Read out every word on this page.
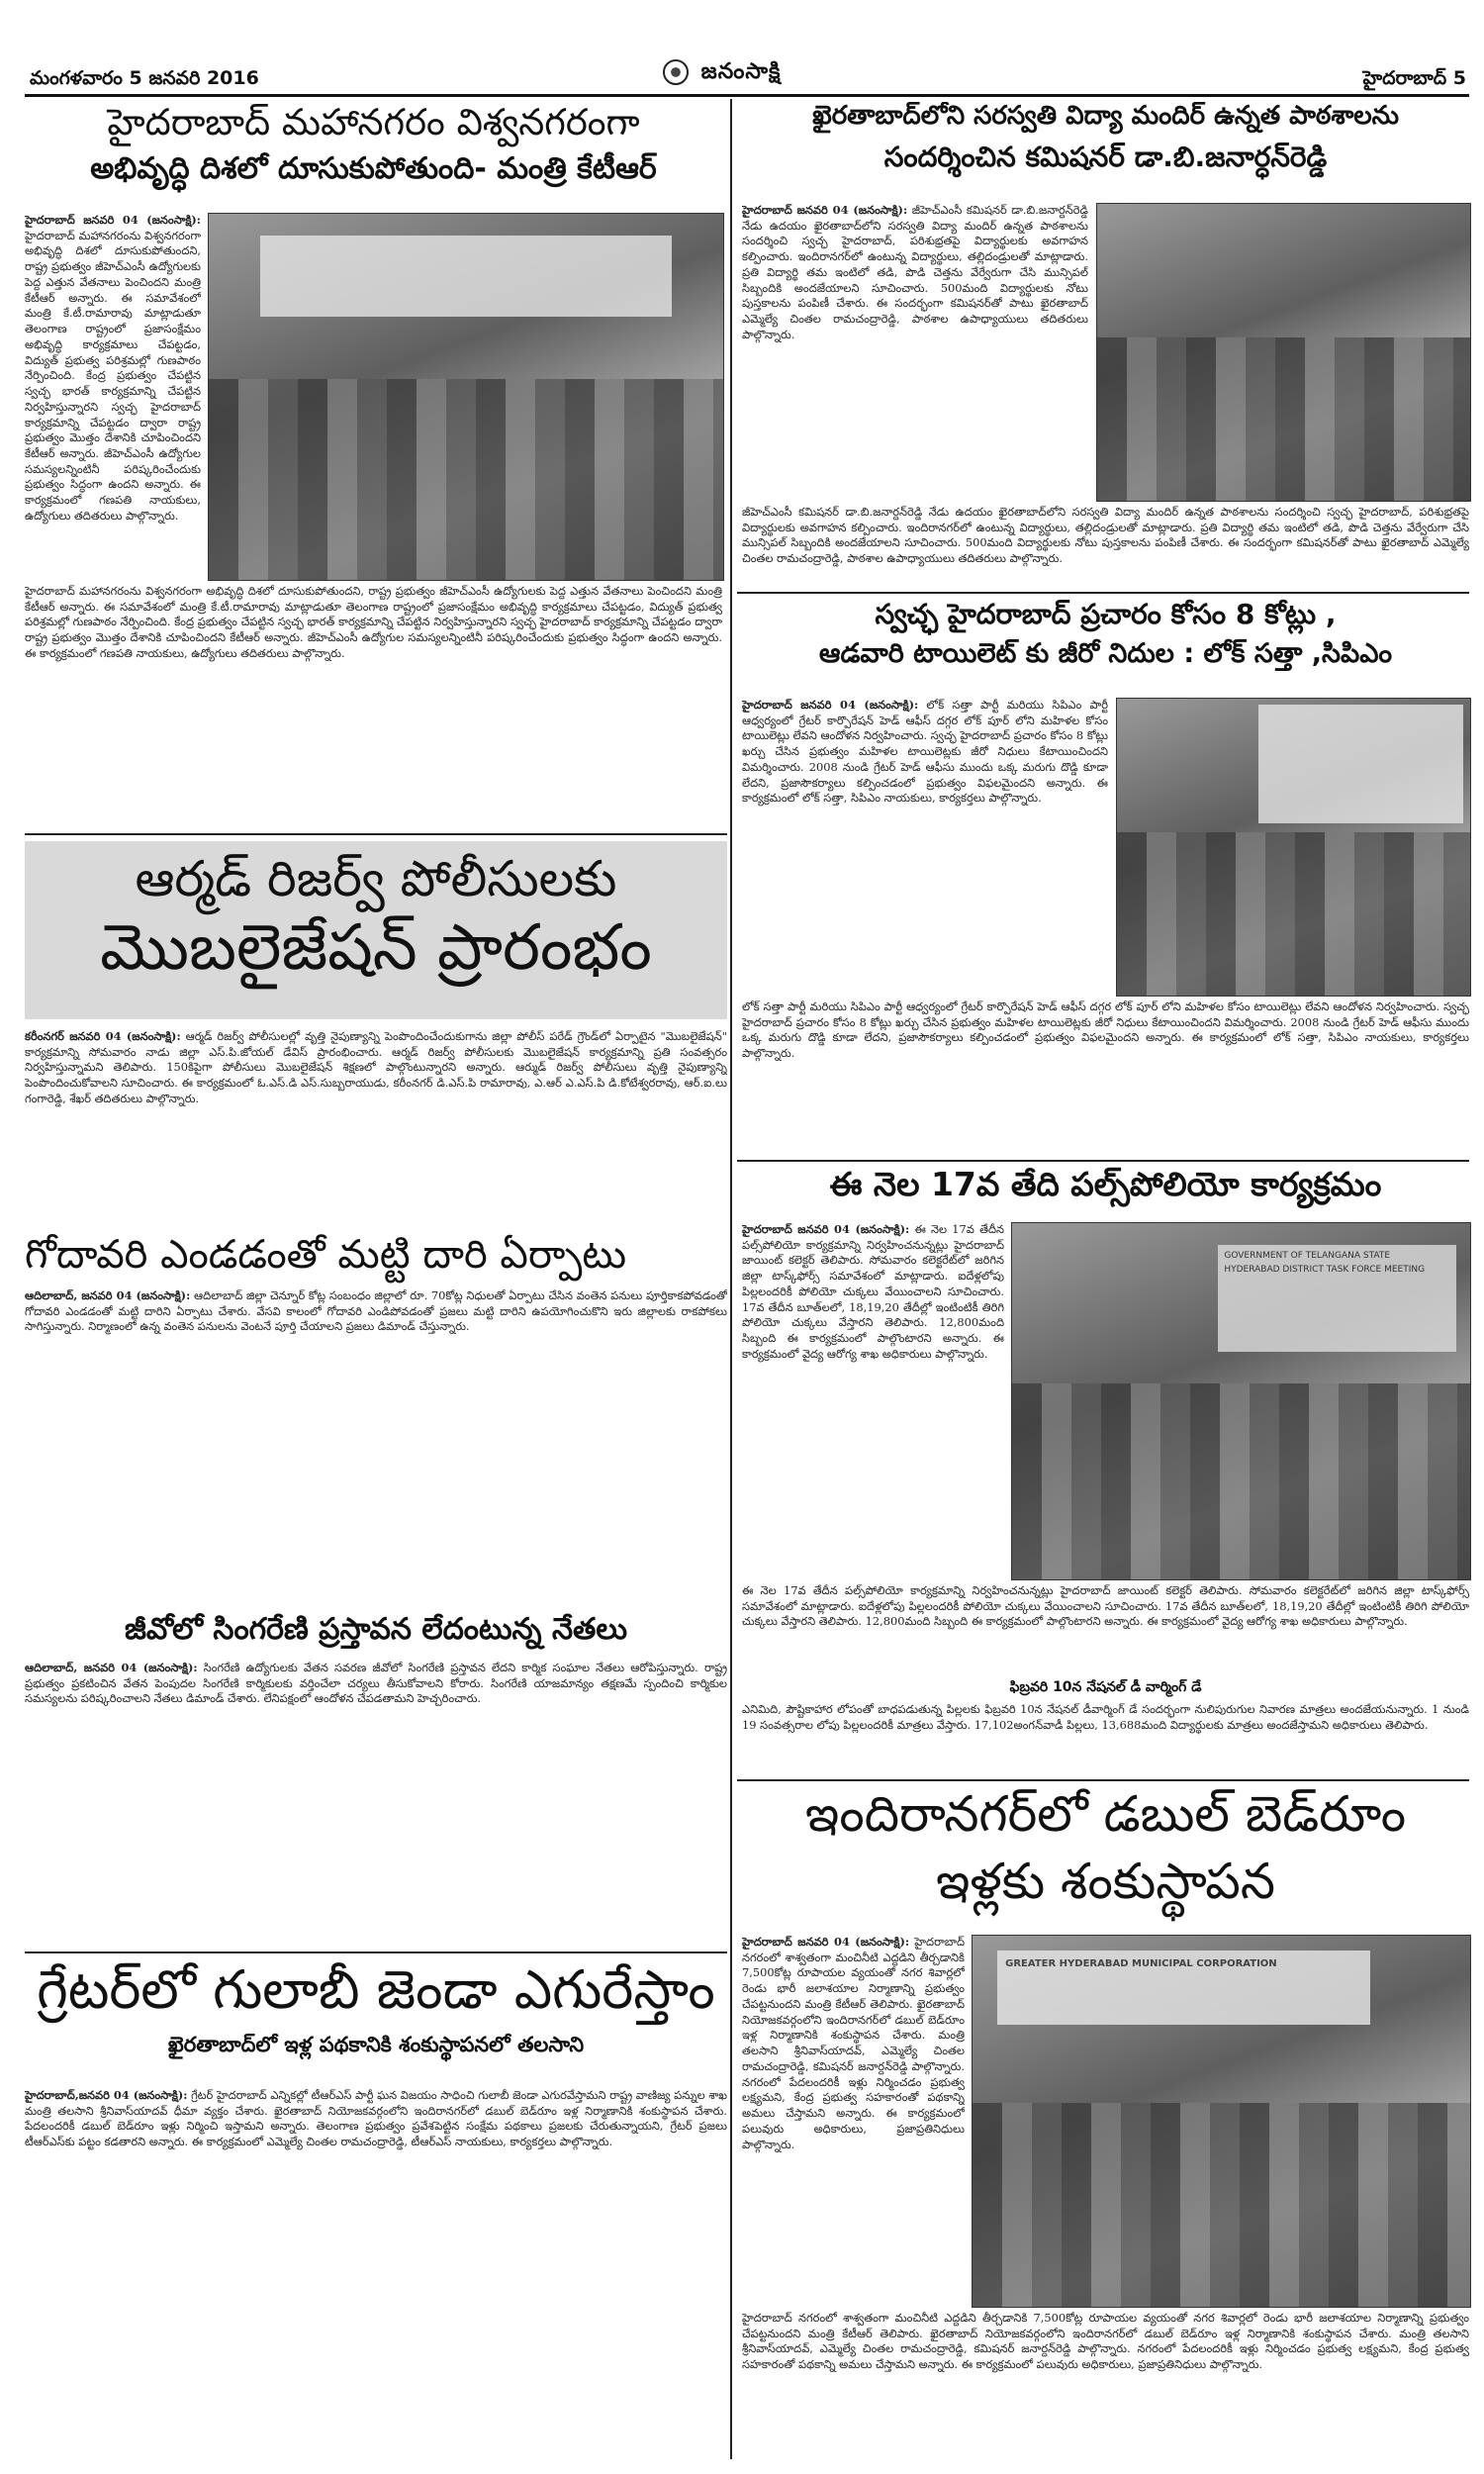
మంగళవారం 5 జనవరి 2016	జనంసాక్షి	హైదరాబాద్ 5
హైదరాబాద్ మహానగరం విశ్వనగరంగా
అభివృద్ధి దిశలో దూసుకుపోతుంది- మంత్రి కేటీఆర్
హైదరాబాద్ జనవరి 04 (జనంసాక్షి): హైదరాబాద్ మహానగరంను విశ్వనగరంగా అభివృద్ధి దిశలో దూసుకుపోతుందని, రాష్ట్ర ప్రభుత్వం జీహెచ్ఎంసీ ఉద్యోగులకు పెద్ద ఎత్తున వేతనాలు పెంచిందని మంత్రి కేటీఆర్ అన్నారు. ఈ సమావేశంలో మంత్రి కే.టీ.రామారావు మాట్లాడుతూ తెలంగాణ రాష్ట్రంలో ప్రజాసంక్షేమం అభివృద్ధి కార్యక్రమాలు చేపట్టడం, విద్యుత్ ప్రభుత్వ పరిశ్రమల్లో గుణపాఠం నేర్పించింది. కేంద్ర ప్రభుత్వం చేపట్టిన స్వచ్ఛ భారత్ కార్యక్రమాన్ని చేపట్టిన నిర్వహిస్తున్నారని స్వచ్ఛ హైదరాబాద్ కార్యక్రమాన్ని చేపట్టడం ద్వారా రాష్ట్ర ప్రభుత్వం మొత్తం దేశానికి చూపించిందని కేటీఆర్ అన్నారు. జీహెచ్ఎంసీ ఉద్యోగుల సమస్యలన్నింటినీ పరిష్కరించేందుకు ప్రభుత్వం సిద్ధంగా ఉందని అన్నారు. ఈ కార్యక్రమంలో గణపతి నాయకులు, ఉద్యోగులు తదితరులు పాల్గొన్నారు.
హైదరాబాద్ మహానగరంను విశ్వనగరంగా అభివృద్ధి దిశలో దూసుకుపోతుందని, రాష్ట్ర ప్రభుత్వం జీహెచ్ఎంసీ ఉద్యోగులకు పెద్ద ఎత్తున వేతనాలు పెంచిందని మంత్రి కేటీఆర్ అన్నారు. ఈ సమావేశంలో మంత్రి కే.టీ.రామారావు మాట్లాడుతూ తెలంగాణ రాష్ట్రంలో ప్రజాసంక్షేమం అభివృద్ధి కార్యక్రమాలు చేపట్టడం, విద్యుత్ ప్రభుత్వ పరిశ్రమల్లో గుణపాఠం నేర్పించింది. కేంద్ర ప్రభుత్వం చేపట్టిన స్వచ్ఛ భారత్ కార్యక్రమాన్ని చేపట్టిన నిర్వహిస్తున్నారని స్వచ్ఛ హైదరాబాద్ కార్యక్రమాన్ని చేపట్టడం ద్వారా రాష్ట్ర ప్రభుత్వం మొత్తం దేశానికి చూపించిందని కేటీఆర్ అన్నారు. జీహెచ్ఎంసీ ఉద్యోగుల సమస్యలన్నింటినీ పరిష్కరించేందుకు ప్రభుత్వం సిద్ధంగా ఉందని అన్నారు. ఈ కార్యక్రమంలో గణపతి నాయకులు, ఉద్యోగులు తదితరులు పాల్గొన్నారు.
ఆర్మడ్ రిజర్వ్ పోలీసులకు
మొబలైజేషన్ ప్రారంభం
కరీంనగర్ జనవరి 04 (జనంసాక్షి): ఆర్మడ్ రిజర్వ్ పోలీసులల్లో వృత్తి నైపుణ్యాన్ని పెంపొందించేందుకుగాను జిల్లా పోలీస్ పరేడ్ గ్రౌండ్‌లో ఏర్పాటైన "మొబలైజేషన్" కార్యక్రమాన్ని సోమవారం నాడు జిల్లా ఎస్.పి.జోయల్ డేవిస్ ప్రారంభించారు. ఆర్మడ్ రిజర్వ్ పోలీసులకు మొబలైజేషన్ కార్యక్రమాన్ని ప్రతి సంవత్సరం నిర్వహిస్తున్నామని తెలిపారు. 150కిపైగా పోలీసులు మొబలైజేషన్ శిక్షణలో పాల్గొంటున్నారని అన్నారు. ఆర్ముడ్ రిజర్వ్ పోలీసులు వృత్తి నైపుణ్యాన్ని పెంపొందించుకోవాలని సూచించారు. ఈ కార్యక్రమంలో ఓ.ఎస్.డి ఎస్.సుబ్బరాయుడు, కరీంనగర్ డి.ఎస్.పి రామారావు, ఎ.ఆర్ ఎ.ఎస్.పి డి.కోటేశ్వరరావు, ఆర్.ఐ.లు గంగారెడ్డి, శేఖర్ తదితరులు పాల్గొన్నారు.
గోదావరి ఎండడంతో మట్టి దారి ఏర్పాటు
ఆదిలాబాద్, జనవరి 04 (జనంసాక్షి): ఆదిలాబాద్ జిల్లా చెన్నూర్ కోట్ల సంబంధం జిల్లాలో రూ. 70కోట్ల నిధులతో ఏర్పాటు చేసిన వంతెన పనులు పూర్తికాకపోవడంతో గోదావరి ఎండడంతో మట్టి దారిని ఏర్పాటు చేశారు. వేసవి కాలంలో గోదావరి ఎండిపోవడంతో ప్రజలు మట్టి దారిని ఉపయోగించుకొని ఇరు జిల్లాలకు రాకపోకలు సాగిస్తున్నారు. నిర్మాణంలో ఉన్న వంతెన పనులను వెంటనే పూర్తి చేయాలని ప్రజలు డిమాండ్ చేస్తున్నారు.
జీవోలో సింగరేణి ప్రస్తావన లేదంటున్న నేతలు
ఆదిలాబాద్, జనవరి 04 (జనంసాక్షి): సింగరేణి ఉద్యోగులకు వేతన సవరణ జీవోలో సింగరేణి ప్రస్తావన లేదని కార్మిక సంఘాల నేతలు ఆరోపిస్తున్నారు. రాష్ట్ర ప్రభుత్వం ప్రకటించిన వేతన పెంపుదల సింగరేణి కార్మికులకు వర్తించేలా చర్యలు తీసుకోవాలని కోరారు. సింగరేణి యాజమాన్యం తక్షణమే స్పందించి కార్మికుల సమస్యలను పరిష్కరించాలని నేతలు డిమాండ్ చేశారు. లేనిపక్షంలో ఆందోళన చేపడతామని హెచ్చరించారు.
గ్రేటర్‌లో గులాబీ జెండా ఎగురేస్తాం
ఖైరతాబాద్‌లో ఇళ్ల పథకానికి శంకుస్థాపనలో తలసాని
హైదరాబాద్,జనవరి 04 (జనంసాక్షి): గ్రేటర్ హైదరాబాద్ ఎన్నికల్లో టీఆర్ఎస్ పార్టీ ఘన విజయం సాధించి గులాబీ జెండా ఎగురవేస్తామని రాష్ట్ర వాణిజ్య పన్నుల శాఖ మంత్రి తలసాని శ్రీనివాస్‌యాదవ్ ధీమా వ్యక్తం చేశారు. ఖైరతాబాద్ నియోజకవర్గంలోని ఇందిరానగర్‌లో డబుల్ బెడ్‌రూం ఇళ్ల నిర్మాణానికి శంకుస్థాపన చేశారు. పేదలందరికీ డబుల్ బెడ్‌రూం ఇళ్లు నిర్మించి ఇస్తామని అన్నారు. తెలంగాణ ప్రభుత్వం ప్రవేశపెట్టిన సంక్షేమ పథకాలు ప్రజలకు చేరుతున్నాయని, గ్రేటర్ ప్రజలు టీఆర్ఎస్‌కు పట్టం కడతారని అన్నారు. ఈ కార్యక్రమంలో ఎమ్మెల్యే చింతల రామచంద్రారెడ్డి, టీఆర్ఎస్ నాయకులు, కార్యకర్తలు పాల్గొన్నారు.
ఖైరతాబాద్‌లోని సరస్వతి విద్యా మందిర్ ఉన్నత పాఠశాలను
సందర్శించిన కమిషనర్ డా.బి.జనార్ధన్‌రెడ్డి
హైదరాబాద్ జనవరి 04 (జనంసాక్షి): జీహెచ్ఎంసీ కమిషనర్ డా.బి.జనార్దన్‌రెడ్డి నేడు ఉదయం ఖైరతాబాద్‌లోని సరస్వతి విద్యా మందిర్ ఉన్నత పాఠశాలను సందర్శించి స్వచ్ఛ హైదరాబాద్, పరిశుభ్రతపై విద్యార్థులకు అవగాహన కల్పించారు. ఇందిరానగర్‌లో ఉంటున్న విద్యార్థులు, తల్లిదండ్రులతో మాట్లాడారు. ప్రతి విద్యార్థి తమ ఇంటిలో తడి, పొడి చెత్తను వేర్వేరుగా చేసి మున్సిపల్ సిబ్బందికి అందజేయాలని సూచించారు. 500మంది విద్యార్థులకు నోటు పుస్తకాలను పంపిణీ చేశారు. ఈ సందర్భంగా కమిషనర్‌తో పాటు ఖైరతాబాద్ ఎమ్మెల్యే చింతల రామచంద్రారెడ్డి, పాఠశాల ఉపాధ్యాయులు తదితరులు పాల్గొన్నారు.
జీహెచ్ఎంసీ కమిషనర్ డా.బి.జనార్దన్‌రెడ్డి నేడు ఉదయం ఖైరతాబాద్‌లోని సరస్వతి విద్యా మందిర్ ఉన్నత పాఠశాలను సందర్శించి స్వచ్ఛ హైదరాబాద్, పరిశుభ్రతపై విద్యార్థులకు అవగాహన కల్పించారు. ఇందిరానగర్‌లో ఉంటున్న విద్యార్థులు, తల్లిదండ్రులతో మాట్లాడారు. ప్రతి విద్యార్థి తమ ఇంటిలో తడి, పొడి చెత్తను వేర్వేరుగా చేసి మున్సిపల్ సిబ్బందికి అందజేయాలని సూచించారు. 500మంది విద్యార్థులకు నోటు పుస్తకాలను పంపిణీ చేశారు. ఈ సందర్భంగా కమిషనర్‌తో పాటు ఖైరతాబాద్ ఎమ్మెల్యే చింతల రామచంద్రారెడ్డి, పాఠశాల ఉపాధ్యాయులు తదితరులు పాల్గొన్నారు.
స్వచ్ఛ హైదరాబాద్ ప్రచారం కోసం 8 కోట్లు ,
ఆడవారి టాయిలెట్ కు జీరో నిదుల : లోక్ సత్తా ,సిపిఎం
హైదరాబాద్ జనవరి 04 (జనంసాక్షి): లోక్ సత్తా పార్టీ మరియు సిపిఎం పార్టీ ఆధ్వర్యంలో గ్రేటర్ కార్పొరేషన్ హెడ్ ఆఫీస్ దగ్గర లోక్ పూర్ లోని మహిళల కోసం టాయిలెట్లు లేవని ఆందోళన నిర్వహించారు. స్వచ్ఛ హైదరాబాద్ ప్రచారం కోసం 8 కోట్లు ఖర్చు చేసిన ప్రభుత్వం మహిళల టాయిలెట్లకు జీరో నిధులు కేటాయించిందని విమర్శించారు. 2008 నుండి గ్రేటర్ హెడ్ ఆఫీసు ముందు ఒక్క మరుగు దొడ్డి కూడా లేదని, ప్రజాసౌకర్యాలు కల్పించడంలో ప్రభుత్వం విఫలమైందని అన్నారు. ఈ కార్యక్రమంలో లోక్ సత్తా, సిపిఎం నాయకులు, కార్యకర్తలు పాల్గొన్నారు.
లోక్ సత్తా పార్టీ మరియు సిపిఎం పార్టీ ఆధ్వర్యంలో గ్రేటర్ కార్పొరేషన్ హెడ్ ఆఫీస్ దగ్గర లోక్ పూర్ లోని మహిళల కోసం టాయిలెట్లు లేవని ఆందోళన నిర్వహించారు. స్వచ్ఛ హైదరాబాద్ ప్రచారం కోసం 8 కోట్లు ఖర్చు చేసిన ప్రభుత్వం మహిళల టాయిలెట్లకు జీరో నిధులు కేటాయించిందని విమర్శించారు. 2008 నుండి గ్రేటర్ హెడ్ ఆఫీసు ముందు ఒక్క మరుగు దొడ్డి కూడా లేదని, ప్రజాసౌకర్యాలు కల్పించడంలో ప్రభుత్వం విఫలమైందని అన్నారు. ఈ కార్యక్రమంలో లోక్ సత్తా, సిపిఎం నాయకులు, కార్యకర్తలు పాల్గొన్నారు.
ఈ నెల 17వ తేది పల్స్‌పోలియో కార్యక్రమం
హైదరాబాద్ జనవరి 04 (జనంసాక్షి): ఈ నెల 17వ తేదీన పల్స్‌పోలియో కార్యక్రమాన్ని నిర్వహించనున్నట్లు హైదరాబాద్ జాయింట్ కలెక్టర్ తెలిపారు. సోమవారం కలెక్టరేట్‌లో జరిగిన జిల్లా టాస్క్‌ఫోర్స్ సమావేశంలో మాట్లాడారు. ఐదేళ్లలోపు పిల్లలందరికీ పోలియో చుక్కలు వేయించాలని సూచించారు. 17వ తేదీన బూత్‌లలో, 18,19,20 తేదీల్లో ఇంటింటికీ తిరిగి పోలియో చుక్కలు వేస్తారని తెలిపారు. 12,800మంది సిబ్బంది ఈ కార్యక్రమంలో పాల్గొంటారని అన్నారు. ఈ కార్యక్రమంలో వైద్య ఆరోగ్య శాఖ అధికారులు పాల్గొన్నారు.
GOVERNMENT OF TELANGANA STATE
HYDERABAD DISTRICT TASK FORCE MEETING
ఈ నెల 17వ తేదీన పల్స్‌పోలియో కార్యక్రమాన్ని నిర్వహించనున్నట్లు హైదరాబాద్ జాయింట్ కలెక్టర్ తెలిపారు. సోమవారం కలెక్టరేట్‌లో జరిగిన జిల్లా టాస్క్‌ఫోర్స్ సమావేశంలో మాట్లాడారు. ఐదేళ్లలోపు పిల్లలందరికీ పోలియో చుక్కలు వేయించాలని సూచించారు. 17వ తేదీన బూత్‌లలో, 18,19,20 తేదీల్లో ఇంటింటికీ తిరిగి పోలియో చుక్కలు వేస్తారని తెలిపారు. 12,800మంది సిబ్బంది ఈ కార్యక్రమంలో పాల్గొంటారని అన్నారు. ఈ కార్యక్రమంలో వైద్య ఆరోగ్య శాఖ అధికారులు పాల్గొన్నారు.
ఫిబ్రవరి 10న నేషనల్ డీ వార్మింగ్ డే
ఎనిమిది, పౌష్టికాహార లోపంతో బాధపడుతున్న పిల్లలకు ఫిబ్రవరి 10న నేషనల్ డీవార్మింగ్ డే సందర్భంగా నులిపురుగుల నివారణ మాత్రలు అందజేయనున్నారు. 1 నుండి 19 సంవత్సరాల లోపు పిల్లలందరికీ మాత్రలు వేస్తారు. 17,102అంగన్‌వాడీ పిల్లలు, 13,688మంది విద్యార్థులకు మాత్రలు అందజేస్తామని అధికారులు తెలిపారు.
ఇందిరానగర్‌లో డబుల్ బెడ్‌రూం
ఇళ్లకు శంకుస్థాపన
హైదరాబాద్ జనవరి 04 (జనంసాక్షి): హైదరాబాద్ నగరంలో శాశ్వతంగా మంచినీటి ఎద్దడిని తీర్చడానికి 7,500కోట్ల రూపాయల వ్యయంతో నగర శివార్లలో రెండు భారీ జలాశయాల నిర్మాణాన్ని ప్రభుత్వం చేపట్టనుందని మంత్రి కేటీఆర్ తెలిపారు. ఖైరతాబాద్ నియోజకవర్గంలోని ఇందిరానగర్‌లో డబుల్ బెడ్‌రూం ఇళ్ల నిర్మాణానికి శంకుస్థాపన చేశారు. మంత్రి తలసాని శ్రీనివాస్‌యాదవ్, ఎమ్మెల్యే చింతల రామచంద్రారెడ్డి, కమిషనర్ జనార్దన్‌రెడ్డి పాల్గొన్నారు. నగరంలో పేదలందరికీ ఇళ్లు నిర్మించడం ప్రభుత్వ లక్ష్యమని, కేంద్ర ప్రభుత్వ సహకారంతో పథకాన్ని అమలు చేస్తామని అన్నారు. ఈ కార్యక్రమంలో పలువురు అధికారులు, ప్రజాప్రతినిధులు పాల్గొన్నారు.
GREATER HYDERABAD MUNICIPAL CORPORATION
హైదరాబాద్ నగరంలో శాశ్వతంగా మంచినీటి ఎద్దడిని తీర్చడానికి 7,500కోట్ల రూపాయల వ్యయంతో నగర శివార్లలో రెండు భారీ జలాశయాల నిర్మాణాన్ని ప్రభుత్వం చేపట్టనుందని మంత్రి కేటీఆర్ తెలిపారు. ఖైరతాబాద్ నియోజకవర్గంలోని ఇందిరానగర్‌లో డబుల్ బెడ్‌రూం ఇళ్ల నిర్మాణానికి శంకుస్థాపన చేశారు. మంత్రి తలసాని శ్రీనివాస్‌యాదవ్, ఎమ్మెల్యే చింతల రామచంద్రారెడ్డి, కమిషనర్ జనార్దన్‌రెడ్డి పాల్గొన్నారు. నగరంలో పేదలందరికీ ఇళ్లు నిర్మించడం ప్రభుత్వ లక్ష్యమని, కేంద్ర ప్రభుత్వ సహకారంతో పథకాన్ని అమలు చేస్తామని అన్నారు. ఈ కార్యక్రమంలో పలువురు అధికారులు, ప్రజాప్రతినిధులు పాల్గొన్నారు.
